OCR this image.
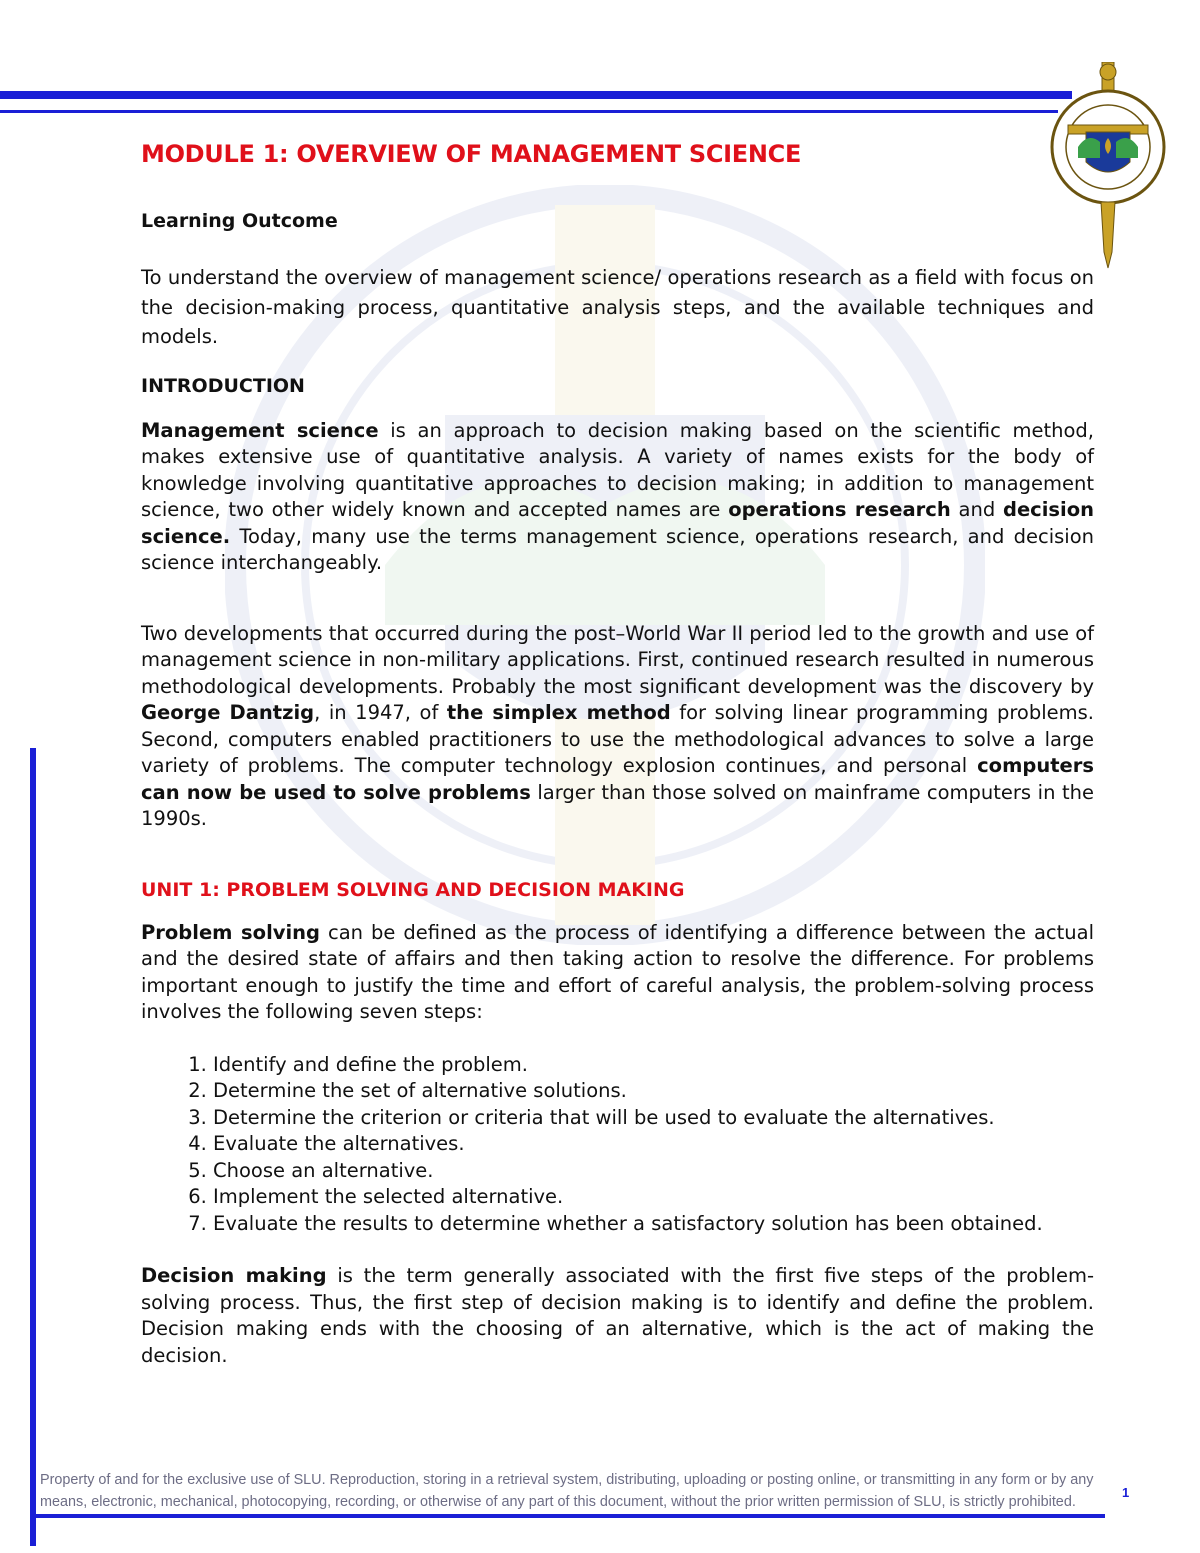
MODULE 1: OVERVIEW OF MANAGEMENT SCIENCE
Learning Outcome

To understand the overview of management science/ operations research as a field with focus on the decision-making process, quantitative analysis steps, and the available techniques and models.

INTRODUCTION

Management science is an approach to decision making based on the scientific method, makes extensive use of quantitative analysis. A variety of names exists for the body of knowledge involving quantitative approaches to decision making; in addition to management science, two other widely known and accepted names are operations research and decision science. Today, many use the terms management science, operations research, and decision science interchangeably.

Two developments that occurred during the post–World War II period led to the growth and use of management science in non-military applications. First, continued research resulted in numerous methodological developments. Probably the most significant development was the discovery by George Dantzig, in 1947, of the simplex method for solving linear programming problems. Second, computers enabled practitioners to use the methodological advances to solve a large variety of problems. The computer technology explosion continues, and personal computers can now be used to solve problems larger than those solved on mainframe computers in the 1990s.

UNIT 1: PROBLEM SOLVING AND DECISION MAKING

Problem solving can be defined as the process of identifying a difference between the actual and the desired state of affairs and then taking action to resolve the difference. For problems important enough to justify the time and effort of careful analysis, the problem-solving process involves the following seven steps:

1. Identify and define the problem.
2. Determine the set of alternative solutions.
3. Determine the criterion or criteria that will be used to evaluate the alternatives.
4. Evaluate the alternatives.
5. Choose an alternative.
6. Implement the selected alternative.
7. Evaluate the results to determine whether a satisfactory solution has been obtained.

Decision making is the term generally associated with the first five steps of the problem-solving process. Thus, the first step of decision making is to identify and define the problem. Decision making ends with the choosing of an alternative, which is the act of making the decision.

Property of and for the exclusive use of SLU. Reproduction, storing in a retrieval system, distributing, uploading or posting online, or transmitting in any form or by any means, electronic, mechanical, photocopying, recording, or otherwise of any part of this document, without the prior written permission of SLU, is strictly prohibited.
1
